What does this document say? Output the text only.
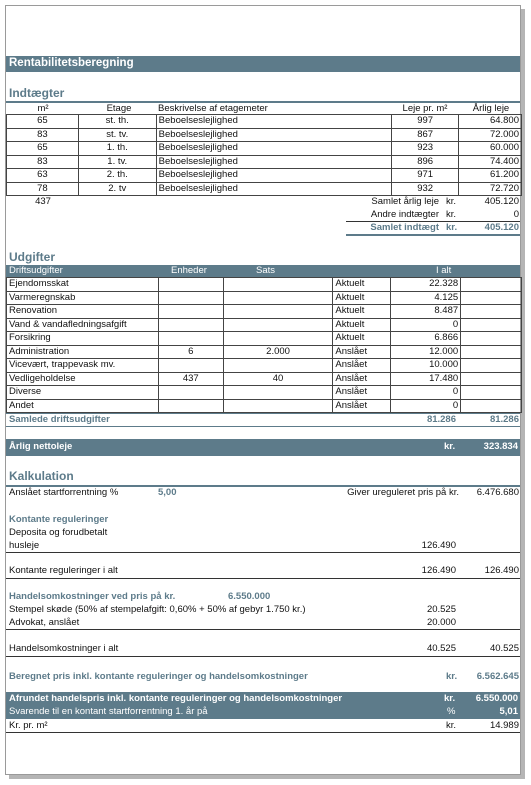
Rentabilitetsberegning
Indtægter
m²	Etage	Beskrivelse af etagemeter	Leje pr. m²	Årlig leje
65	st. th.	Beboelseslejlighed	997	64.800
83	st. tv.	Beboelseslejlighed	867	72.000
65	1. th.	Beboelseslejlighed	923	60.000
83	1. tv.	Beboelseslejlighed	896	74.400
63	2. th.	Beboelseslejlighed	971	61.200
78	2. tv	Beboelseslejlighed	932	72.720
437	Samlet årlig leje kr.	405.120
Andre indtægter kr.	0
Samlet indtægt kr.	405.120
Udgifter
Driftsudgifter	Enheder	Sats	I alt
Ejendomsskat			Aktuelt	22.328	
Varmeregnskab			Aktuelt	4.125	
Renovation			Aktuelt	8.487	
Vand & vandafledningsafgift			Aktuelt	0	
Forsikring			Aktuelt	6.866	
Administration	6	2.000	Anslået	12.000	
Vicevært, trappevask mv.			Anslået	10.000	
Vedligeholdelse	437	40	Anslået	17.480	
Diverse			Anslået	0	
Andet			Anslået	0	
Samlede driftsudgifter	81.286	81.286
Årlig nettoleje	kr.	323.834
Kalkulation
Anslået startforrentning %	5,00	Giver ureguleret pris på kr.	6.476.680
Kontante reguleringer
Deposita og forudbetalt
husleje	126.490
Kontante reguleringer i alt	126.490	126.490
Handelsomkostninger ved pris på kr.	6.550.000
Stempel skøde (50% af stempelafgift: 0,60% + 50% af gebyr 1.750 kr.)	20.525
Advokat, anslået	20.000
Handelsomkostninger i alt	40.525	40.525
Beregnet pris inkl. kontante reguleringer og handelsomkostninger	kr.	6.562.645
Afrundet handelspris inkl. kontante reguleringer og handelsomkostninger	kr. 6.550.000
Svarende til en kontant startforrentning 1. år på	%	5,01
Kr. pr. m²	kr.	14.989
